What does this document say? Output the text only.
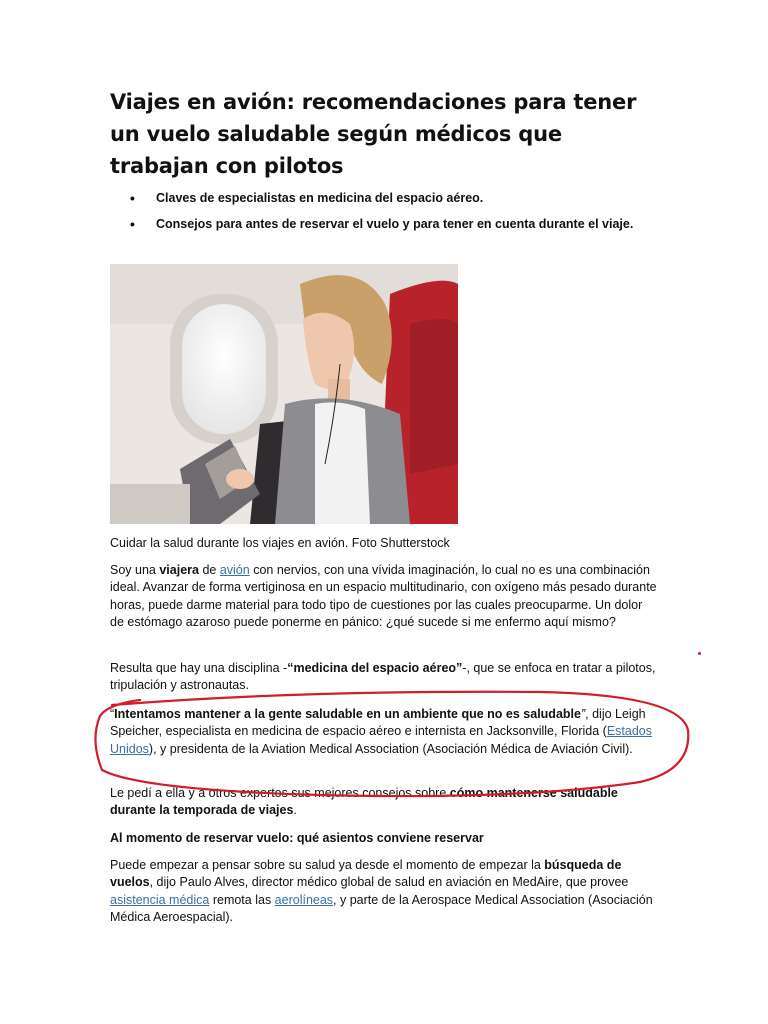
Viajes en avión: recomendaciones para tener un vuelo saludable según médicos que trabajan con pilotos
• Claves de especialistas en medicina del espacio aéreo.
• Consejos para antes de reservar el vuelo y para tener en cuenta durante el viaje.
Cuidar la salud durante los viajes en avión. Foto Shutterstock

Soy una viajera de avión con nervios, con una vívida imaginación, lo cual no es una combinación ideal. Avanzar de forma vertiginosa en un espacio multitudinario, con oxígeno más pesado durante horas, puede darme material para todo tipo de cuestiones por las cuales preocuparme. Un dolor de estómago azaroso puede ponerme en pánico: ¿qué sucede si me enfermo aquí mismo?

Resulta que hay una disciplina -“medicina del espacio aéreo”-, que se enfoca en tratar a pilotos, tripulación y astronautas.

“Intentamos mantener a la gente saludable en un ambiente que no es saludable”, dijo Leigh Speicher, especialista en medicina de espacio aéreo e internista en Jacksonville, Florida (Estados Unidos), y presidenta de la Aviation Medical Association (Asociación Médica de Aviación Civil).

Le pedí a ella y a otros expertos sus mejores consejos sobre cómo mantenerse saludable durante la temporada de viajes.

Al momento de reservar vuelo: qué asientos conviene reservar

Puede empezar a pensar sobre su salud ya desde el momento de empezar la búsqueda de vuelos, dijo Paulo Alves, director médico global de salud en aviación en MedAire, que provee asistencia médica remota las aerolíneas, y parte de la Aerospace Medical Association (Asociación Médica Aeroespacial).
